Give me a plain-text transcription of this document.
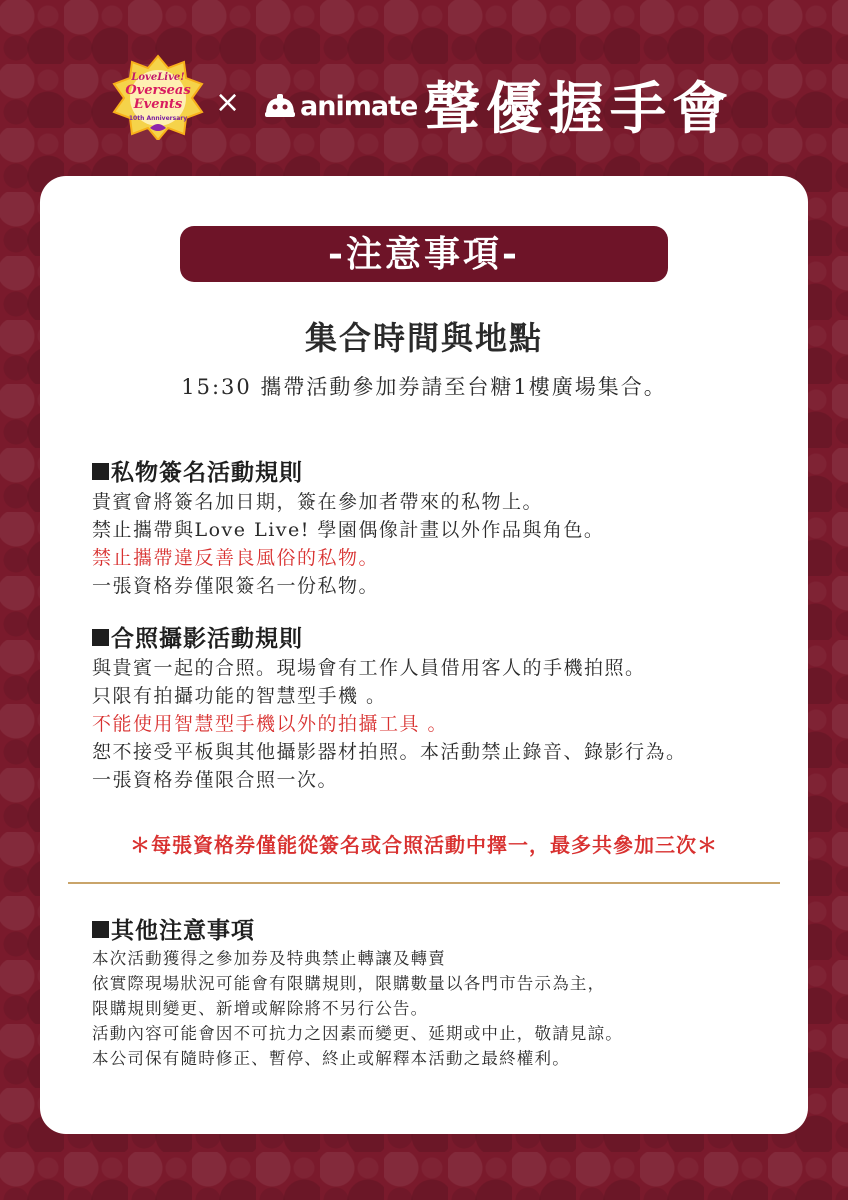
LoveLive!
Overseas
Events
10th Anniversary × animate 聲優握手會
-注意事項-
集合時間與地點
15:30 攜帶活動參加券請至台糖1樓廣場集合。
私物簽名活動規則
貴賓會將簽名加日期，簽在參加者帶來的私物上。
禁止攜帶與Love Live! 學園偶像計畫以外作品與角色。
禁止攜帶違反善良風俗的私物。
一張資格券僅限簽名一份私物。
合照攝影活動規則
與貴賓一起的合照。現場會有工作人員借用客人的手機拍照。
只限有拍攝功能的智慧型手機 。
不能使用智慧型手機以外的拍攝工具 。
恕不接受平板與其他攝影器材拍照。本活動禁止錄音、錄影行為。
一張資格券僅限合照一次。
＊每張資格券僅能從簽名或合照活動中擇一，最多共參加三次＊
其他注意事項
本次活動獲得之參加券及特典禁止轉讓及轉賣
依實際現場狀況可能會有限購規則，限購數量以各門市告示為主，
限購規則變更、新增或解除將不另行公告。
活動內容可能會因不可抗力之因素而變更、延期或中止，敬請見諒。
本公司保有隨時修正、暫停、終止或解釋本活動之最終權利。
